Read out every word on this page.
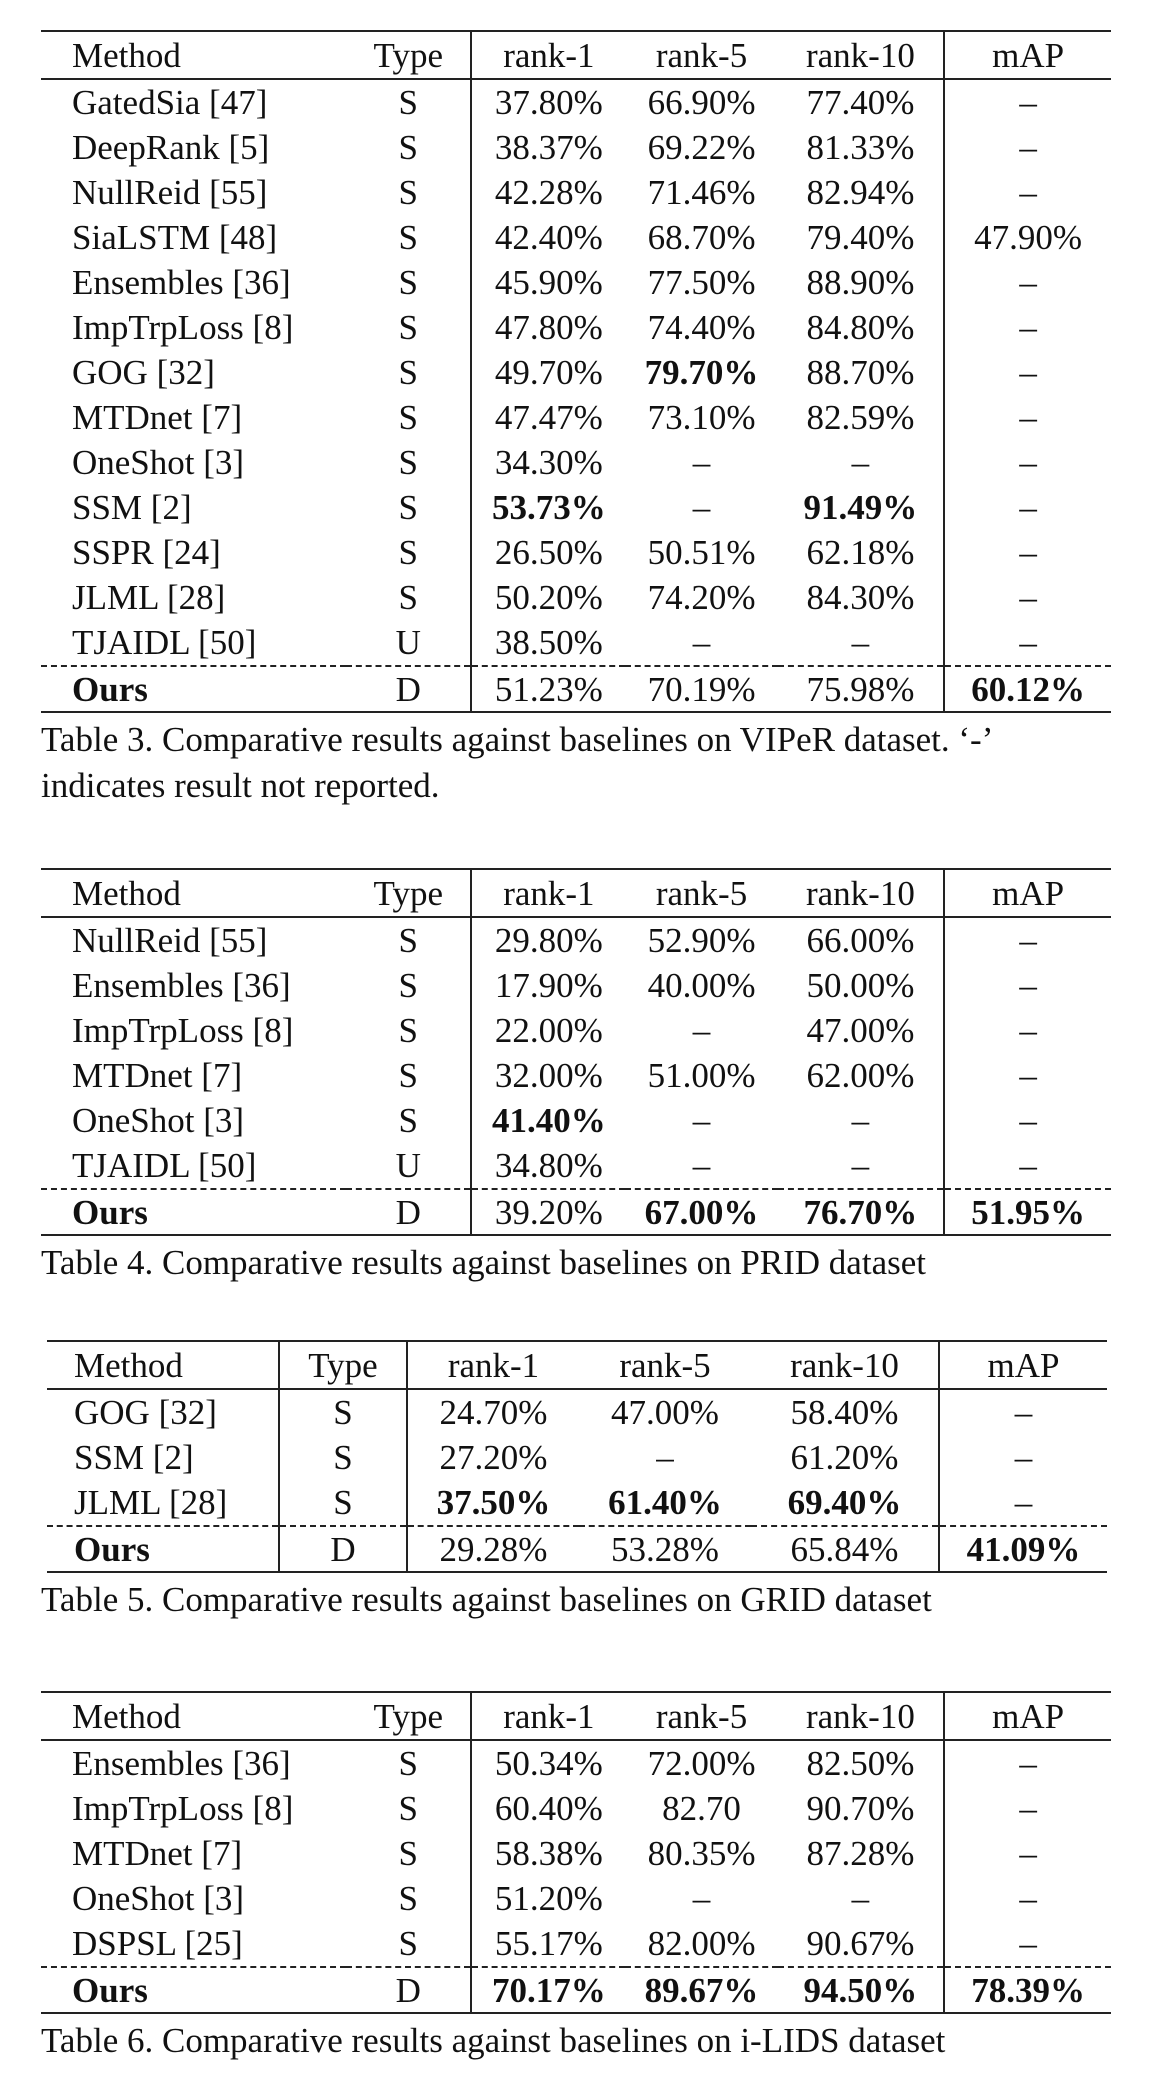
Method	Type	rank-1	rank-5	rank-10	mAP
GatedSia [47]	S	37.80%	66.90%	77.40%	–
DeepRank [5]	S	38.37%	69.22%	81.33%	–
NullReid [55]	S	42.28%	71.46%	82.94%	–
SiaLSTM [48]	S	42.40%	68.70%	79.40%	47.90%
Ensembles [36]	S	45.90%	77.50%	88.90%	–
ImpTrpLoss [8]	S	47.80%	74.40%	84.80%	–
GOG [32]	S	49.70%	79.70%	88.70%	–
MTDnet [7]	S	47.47%	73.10%	82.59%	–
OneShot [3]	S	34.30%	–	–	–
SSM [2]	S	53.73%	–	91.49%	–
SSPR [24]	S	26.50%	50.51%	62.18%	–
JLML [28]	S	50.20%	74.20%	84.30%	–
TJAIDL [50]	U	38.50%	–	–	–
Ours	D	51.23%	70.19%	75.98%	60.12%
Table 3. Comparative results against baselines on VIPeR dataset. ‘-’ indicates result not reported.
Method	Type	rank-1	rank-5	rank-10	mAP
NullReid [55]	S	29.80%	52.90%	66.00%	–
Ensembles [36]	S	17.90%	40.00%	50.00%	–
ImpTrpLoss [8]	S	22.00%	–	47.00%	–
MTDnet [7]	S	32.00%	51.00%	62.00%	–
OneShot [3]	S	41.40%	–	–	–
TJAIDL [50]	U	34.80%	–	–	–
Ours	D	39.20%	67.00%	76.70%	51.95%
Table 4. Comparative results against baselines on PRID dataset
Method	Type	rank-1	rank-5	rank-10	mAP
GOG [32]	S	24.70%	47.00%	58.40%	–
SSM [2]	S	27.20%	–	61.20%	–
JLML [28]	S	37.50%	61.40%	69.40%	–
Ours	D	29.28%	53.28%	65.84%	41.09%
Table 5. Comparative results against baselines on GRID dataset
Method	Type	rank-1	rank-5	rank-10	mAP
Ensembles [36]	S	50.34%	72.00%	82.50%	–
ImpTrpLoss [8]	S	60.40%	82.70	90.70%	–
MTDnet [7]	S	58.38%	80.35%	87.28%	–
OneShot [3]	S	51.20%	–	–	–
DSPSL [25]	S	55.17%	82.00%	90.67%	–
Ours	D	70.17%	89.67%	94.50%	78.39%
Table 6. Comparative results against baselines on i-LIDS dataset
